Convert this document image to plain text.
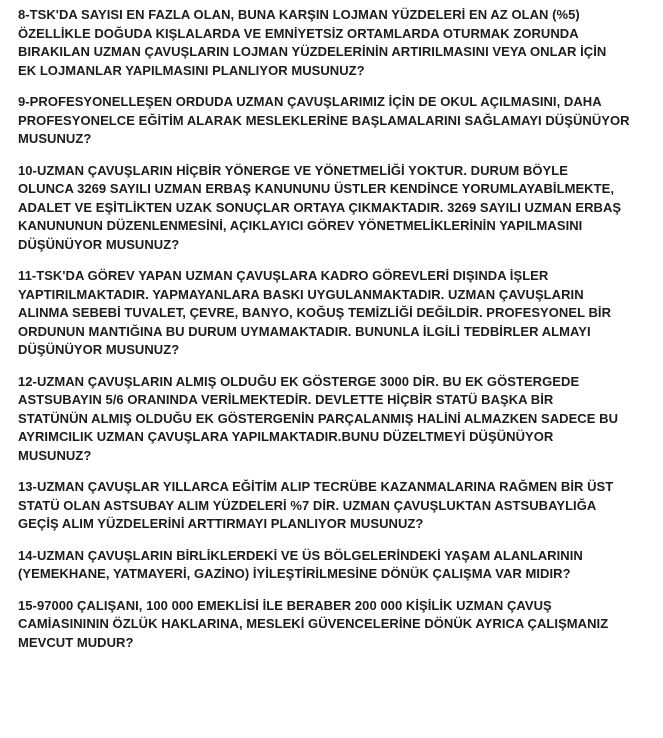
8-TSK'DA SAYISI EN FAZLA OLAN, BUNA KARŞIN LOJMAN YÜZDELERİ EN AZ OLAN (%5)
ÖZELLİKLE DOĞUDA KIŞLALARDA VE EMNİYETSİZ ORTAMLARDA OTURMAK ZORUNDA
BIRAKILAN UZMAN ÇAVUŞLARIN LOJMAN YÜZDELERİNİN ARTIRILMASINI VEYA ONLAR İÇİN
EK LOJMANLAR YAPILMASINI PLANLIYOR MUSUNUZ?
9-PROFESYONELLEŞEN ORDUDA UZMAN ÇAVUŞLARIMIZ İÇİN DE OKUL AÇILMASINI, DAHA
PROFESYONELCE EĞİTİM ALARAK MESLEKLERİNE BAŞLAMALARINI SAĞLAMAYI DÜŞÜNÜYOR
MUSUNUZ?
10-UZMAN ÇAVUŞLARIN HİÇBİR YÖNERGE VE YÖNETMELİĞİ YOKTUR. DURUM BÖYLE
OLUNCA 3269 SAYILI UZMAN ERBAŞ KANUNUNU ÜSTLER KENDİNCE YORUMLAYABİLMEKTE,
ADALET VE EŞİTLİKTEN UZAK SONUÇLAR ORTAYA ÇIKMAKTADIR. 3269 SAYILI UZMAN ERBAŞ
KANUNUNUN DÜZENLENMESİNİ, AÇIKLAYICI GÖREV YÖNETMELİKLERİNİN YAPILMASINI
DÜŞÜNÜYOR MUSUNUZ?
11-TSK'DA GÖREV YAPAN UZMAN ÇAVUŞLARA KADRO GÖREVLERİ DIŞINDA İŞLER
YAPTIRILMAKTADIR. YAPMAYANLARA BASKI UYGULANMAKTADIR. UZMAN ÇAVUŞLARIN
ALINMA SEBEBİ TUVALET, ÇEVRE, BANYO, KOĞUŞ TEMİZLİĞİ DEĞİLDİR. PROFESYONEL BİR
ORDUNUN MANTIĞINA BU DURUM UYMAMAKTADIR. BUNUNLA İLGİLİ TEDBİRLER ALMAYI
DÜŞÜNÜYOR MUSUNUZ?
12-UZMAN ÇAVUŞLARIN ALMIŞ OLDUĞU EK GÖSTERGE 3000 DİR. BU EK GÖSTERGEDE
ASTSUBAYIN 5/6 ORANINDA VERİLMEKTEDİR. DEVLETTE HİÇBİR STATÜ BAŞKA BİR
STATÜNÜN ALMIŞ OLDUĞU EK GÖSTERGENİN PARÇALANMIŞ HALİNİ ALMAZKEN SADECE BU
AYRIMCILIK UZMAN ÇAVUŞLARA YAPILMAKTADIR.BUNU DÜZELTMEYİ DÜŞÜNÜYOR
MUSUNUZ?
13-UZMAN ÇAVUŞLAR YILLARCA EĞİTİM ALIP TECRÜBE KAZANMALARINA RAĞMEN BİR ÜST
STATÜ OLAN ASTSUBAY ALIM YÜZDELERİ %7 DİR. UZMAN ÇAVUŞLUKTAN ASTSUBAYLIĞA
GEÇİŞ ALIM YÜZDELERİNİ ARTTIRMAYI PLANLIYOR MUSUNUZ?
14-UZMAN ÇAVUŞLARIN BİRLİKLERDEKİ VE ÜS BÖLGELERİNDEKİ YAŞAM ALANLARININ
(YEMEKHANE, YATMAYERİ, GAZİNO) İYİLEŞTİRİLMESİNE DÖNÜK ÇALIŞMA VAR MIDIR?
15-97000 ÇALIŞANI, 100 000 EMEKLİSİ İLE BERABER 200 000 KİŞİLİK UZMAN ÇAVUŞ
CAMİASINININ ÖZLÜK HAKLARINA, MESLEKİ GÜVENCELERİNE DÖNÜK AYRICA ÇALIŞMANIZ
MEVCUT MUDUR?
